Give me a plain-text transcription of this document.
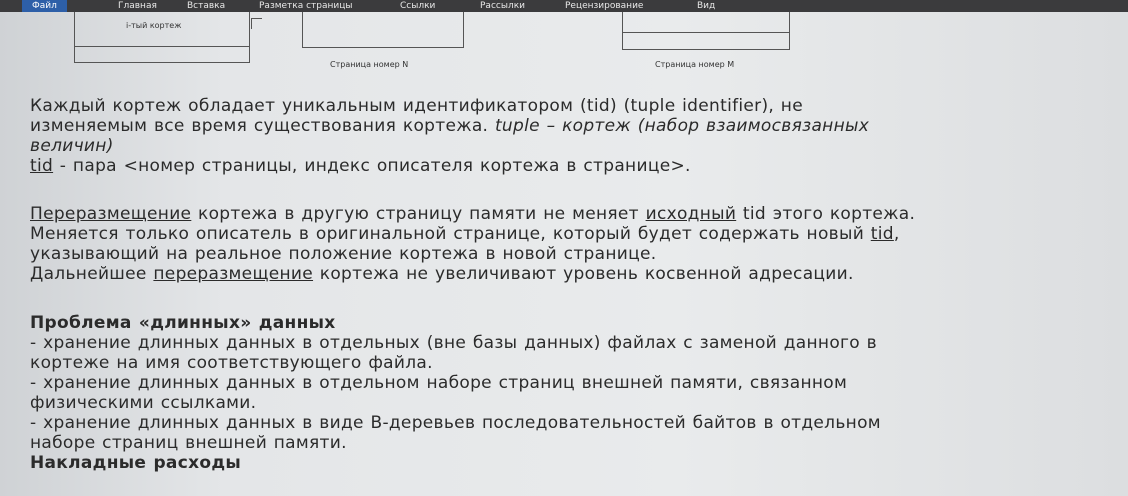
Файл	Главная	Вставка	Разметка страницы	Ссылки	Рассылки	Рецензирование	Вид
i-тый кортеж
Страница номер N	Страница номер M
Каждый кортеж обладает уникальным идентификатором (tid) (tuple identifier), не
изменяемым все время существования кортежа. tuple – кортеж (набор взаимосвязанных
величин)
tid - пара <номер страницы, индекс описателя кортежа в странице>.
Переразмещение кортежа в другую страницу памяти не меняет исходный tid этого кортежа.
Меняется только описатель в оригинальной странице, который будет содержать новый tid,
указывающий на реальное положение кортежа в новой странице.
Дальнейшее переразмещение кортежа не увеличивают уровень косвенной адресации.
Проблема «длинных» данных
- хранение длинных данных в отдельных (вне базы данных) файлах с заменой данного в
кортеже на имя соответствующего файла.
- хранение длинных данных в отдельном наборе страниц внешней памяти, связанном
физическими ссылками.
- хранение длинных данных в виде B-деревьев последовательностей байтов в отдельном
наборе страниц внешней памяти.
Накладные расходы
